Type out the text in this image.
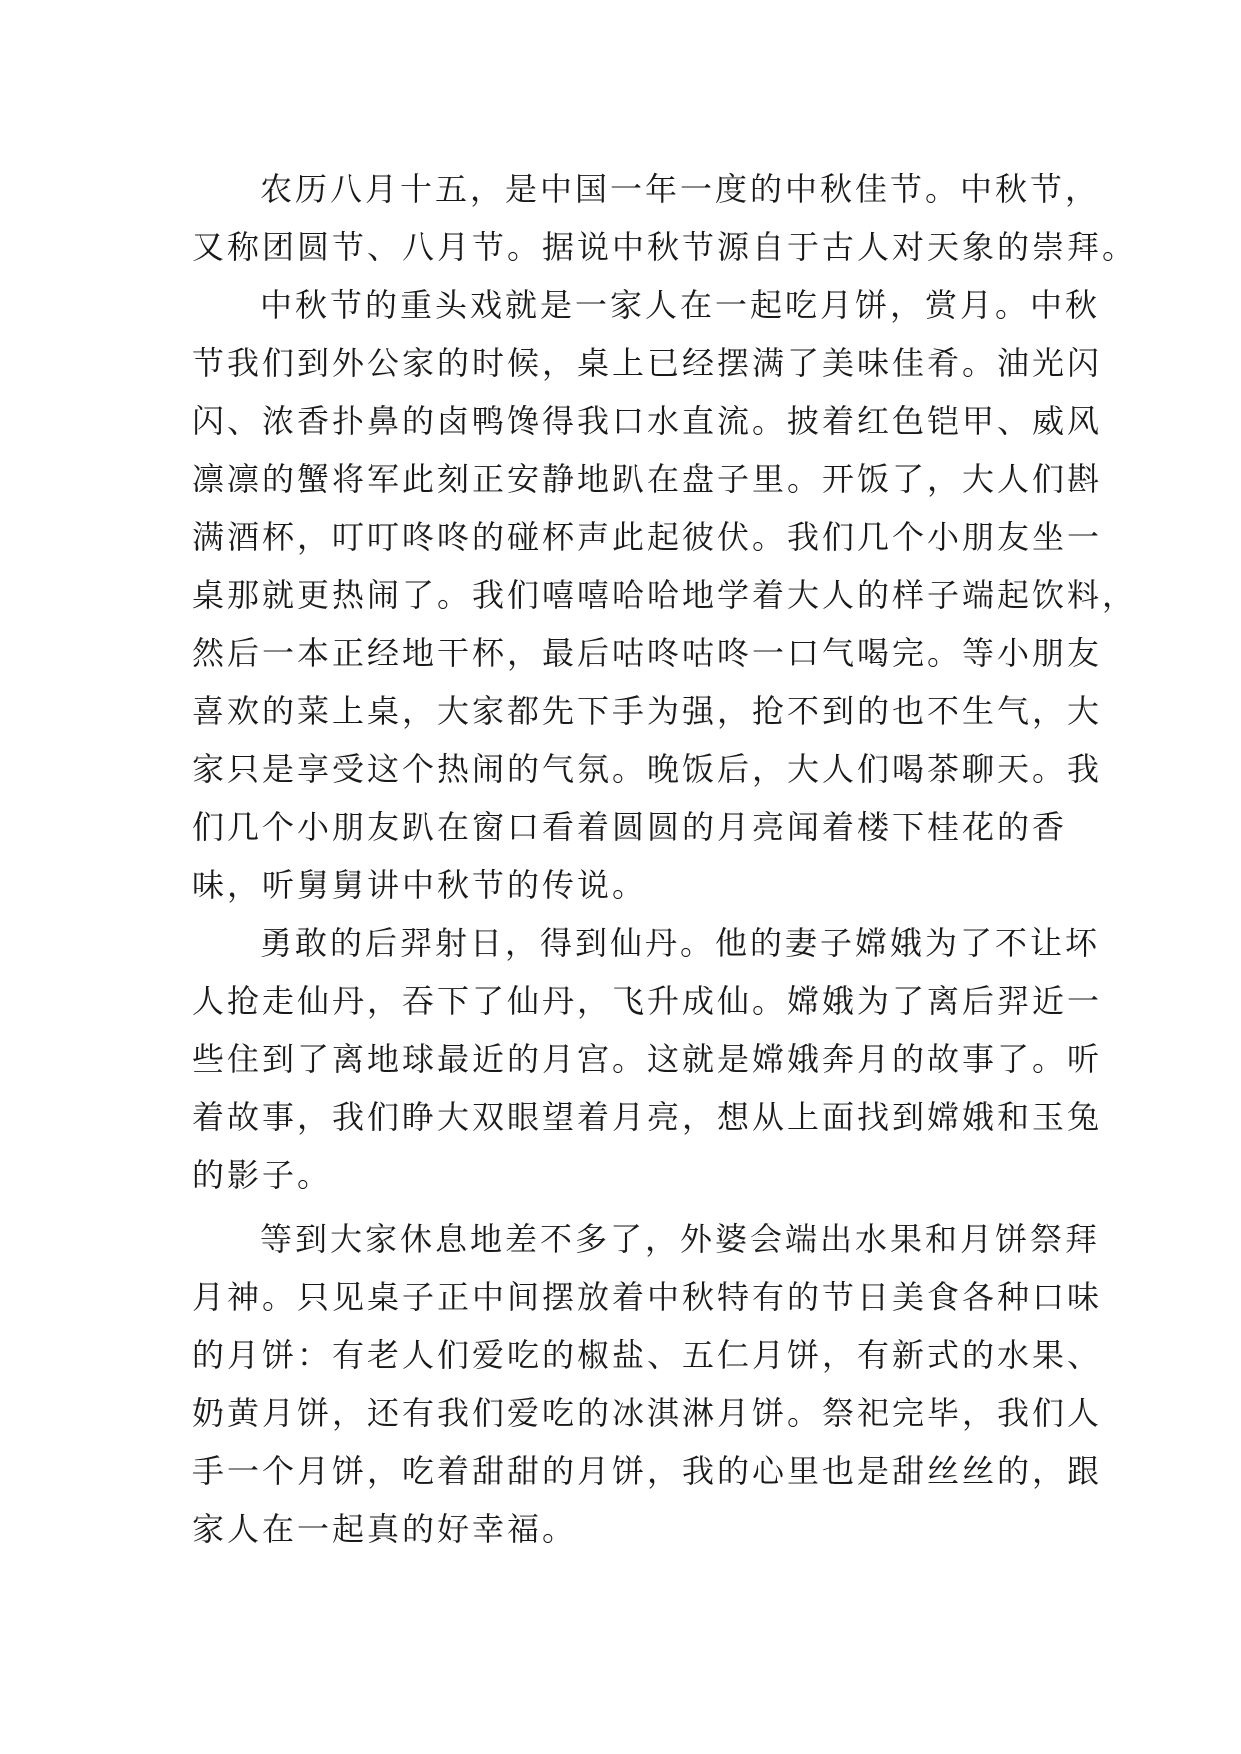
农历八月十五，是中国一年一度的中秋佳节。中秋节，
又称团圆节、八月节。据说中秋节源自于古人对天象的崇拜。
中秋节的重头戏就是一家人在一起吃月饼，赏月。中秋
节我们到外公家的时候，桌上已经摆满了美味佳肴。油光闪
闪、浓香扑鼻的卤鸭馋得我口水直流。披着红色铠甲、威风
凛凛的蟹将军此刻正安静地趴在盘子里。开饭了，大人们斟
满酒杯，叮叮咚咚的碰杯声此起彼伏。我们几个小朋友坐一
桌那就更热闹了。我们嘻嘻哈哈地学着大人的样子端起饮料，
然后一本正经地干杯，最后咕咚咕咚一口气喝完。等小朋友
喜欢的菜上桌，大家都先下手为强，抢不到的也不生气，大
家只是享受这个热闹的气氛。晚饭后，大人们喝茶聊天。我
们几个小朋友趴在窗口看着圆圆的月亮闻着楼下桂花的香
味，听舅舅讲中秋节的传说。
勇敢的后羿射日，得到仙丹。他的妻子嫦娥为了不让坏
人抢走仙丹，吞下了仙丹，飞升成仙。嫦娥为了离后羿近一
些住到了离地球最近的月宫。这就是嫦娥奔月的故事了。听
着故事，我们睁大双眼望着月亮，想从上面找到嫦娥和玉兔
的影子。
等到大家休息地差不多了，外婆会端出水果和月饼祭拜
月神。只见桌子正中间摆放着中秋特有的节日美食各种口味
的月饼：有老人们爱吃的椒盐、五仁月饼，有新式的水果、
奶黄月饼，还有我们爱吃的冰淇淋月饼。祭祀完毕，我们人
手一个月饼，吃着甜甜的月饼，我的心里也是甜丝丝的，跟
家人在一起真的好幸福。
